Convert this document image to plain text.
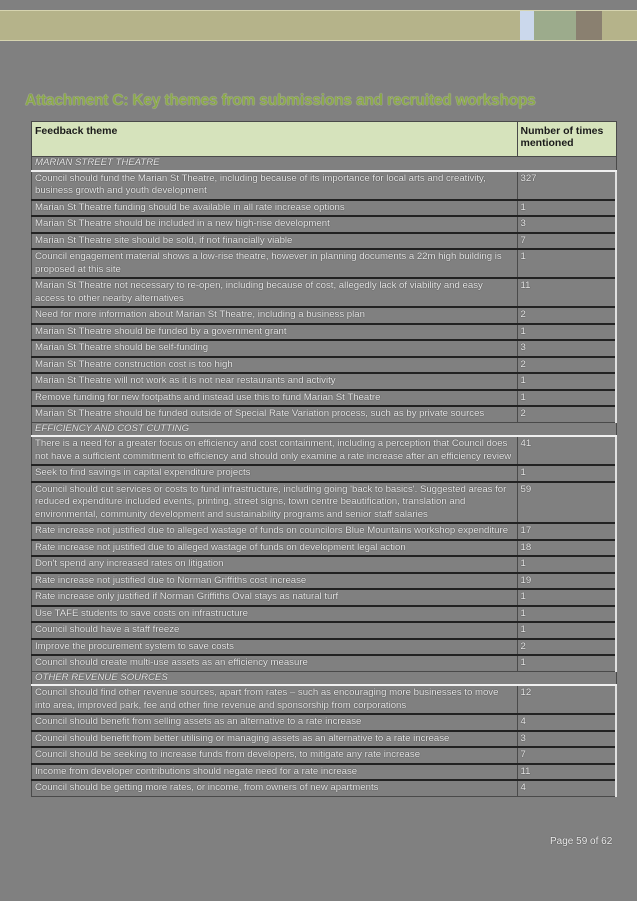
Attachment C: Key themes from submissions and recruited workshops
Feedback theme	Number of times mentioned
MARIAN STREET THEATRE	
Council should fund the Marian St Theatre, including because of its importance for local arts and creativity, business growth and youth development	327
Marian St Theatre funding should be available in all rate increase options	1
Marian St Theatre should be included in a new high-rise development	3
Marian St Theatre site should be sold, if not financially viable	7
Council engagement material shows a low-rise theatre, however in planning documents a 22m high building is proposed at this site	1
Marian St Theatre not necessary to re-open, including because of cost, allegedly lack of viability and easy access to other nearby alternatives	11
Need for more information about Marian St Theatre, including a business plan	2
Marian St Theatre should be funded by a government grant	1
Marian St Theatre should be self-funding	3
Marian St Theatre construction cost is too high	2
Marian St Theatre will not work as it is not near restaurants and activity	1
Remove funding for new footpaths and instead use this to fund Marian St Theatre	1
Marian St Theatre should be funded outside of Special Rate Variation process, such as by private sources	2
EFFICIENCY AND COST CUTTING	
There is a need for a greater focus on efficiency and cost containment, including a perception that Council does not have a sufficient commitment to efficiency and should only examine a rate increase after an efficiency review	41
Seek to find savings in capital expenditure projects	1
Council should cut services or costs to fund infrastructure, including going 'back to basics'. Suggested areas for reduced expenditure included events, printing, street signs, town centre beautification, translation and environmental, community development and sustainability programs and senior staff salaries	59
Rate increase not justified due to alleged wastage of funds on councilors Blue Mountains workshop expenditure	17
Rate increase not justified due to alleged wastage of funds on development legal action	18
Don't spend any increased rates on litigation	1
Rate increase not justified due to Norman Griffiths cost increase	19
Rate increase only justified if Norman Griffiths Oval stays as natural turf	1
Use TAFE students to save costs on infrastructure	1
Council should have a staff freeze	1
Improve the procurement system to save costs	2
Council should create multi-use assets as an efficiency measure	1
OTHER REVENUE SOURCES	
Council should find other revenue sources, apart from rates – such as encouraging more businesses to move into area, improved park, fee and other fine revenue and sponsorship from corporations	12
Council should benefit from selling assets as an alternative to a rate increase	4
Council should benefit from better utilising or managing assets as an alternative to a rate increase	3
Council should be seeking to increase funds from developers, to mitigate any rate increase	7
Income from developer contributions should negate need for a rate increase	11
Council should be getting more rates, or income, from owners of new apartments	4
Page 59 of 62
